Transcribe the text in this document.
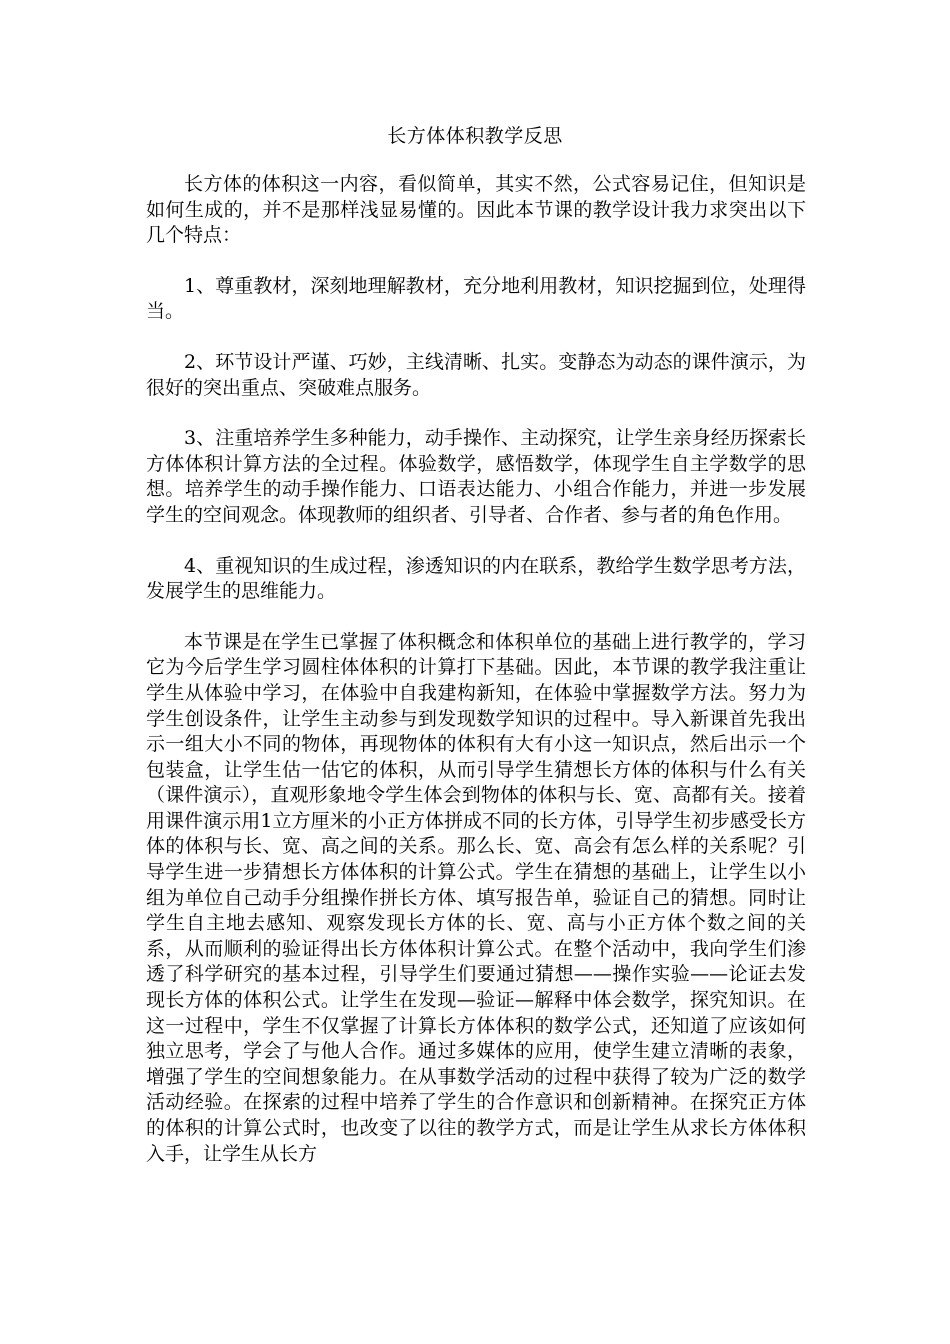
长方体体积教学反思

长方体的体积这一内容，看似简单，其实不然，公式容易记住，但知识是如何生成的，并不是那样浅显易懂的。因此本节课的教学设计我力求突出以下几个特点：

1、尊重教材，深刻地理解教材，充分地利用教材，知识挖掘到位，处理得当。

2、环节设计严谨、巧妙，主线清晰、扎实。变静态为动态的课件演示，为很好的突出重点、突破难点服务。

3、注重培养学生多种能力，动手操作、主动探究，让学生亲身经历探索长方体体积计算方法的全过程。体验数学，感悟数学，体现学生自主学数学的思想。培养学生的动手操作能力、口语表达能力、小组合作能力，并进一步发展学生的空间观念。体现教师的组织者、引导者、合作者、参与者的角色作用。

4、重视知识的生成过程，渗透知识的内在联系，教给学生数学思考方法，发展学生的思维能力。

本节课是在学生已掌握了体积概念和体积单位的基础上进行教学的，学习它为今后学生学习圆柱体体积的计算打下基础。因此，本节课的教学我注重让学生从体验中学习，在体验中自我建构新知，在体验中掌握数学方法。努力为学生创设条件，让学生主动参与到发现数学知识的过程中。导入新课首先我出示一组大小不同的物体，再现物体的体积有大有小这一知识点，然后出示一个包装盒，让学生估一估它的体积，从而引导学生猜想长方体的体积与什么有关（课件演示），直观形象地令学生体会到物体的体积与长、宽、高都有关。接着用课件演示用1立方厘米的小正方体拼成不同的长方体，引导学生初步感受长方体的体积与长、宽、高之间的关系。那么长、宽、高会有怎么样的关系呢？引导学生进一步猜想长方体体积的计算公式。学生在猜想的基础上，让学生以小组为单位自己动手分组操作拼长方体、填写报告单，验证自己的猜想。同时让学生自主地去感知、观察发现长方体的长、宽、高与小正方体个数之间的关系，从而顺利的验证得出长方体体积计算公式。在整个活动中，我向学生们渗透了科学研究的基本过程，引导学生们要通过猜想——操作实验——论证去发现长方体的体积公式。让学生在发现—验证—解释中体会数学，探究知识。在这一过程中，学生不仅掌握了计算长方体体积的数学公式，还知道了应该如何独立思考，学会了与他人合作。通过多媒体的应用，使学生建立清晰的表象，增强了学生的空间想象能力。在从事数学活动的过程中获得了较为广泛的数学活动经验。在探索的过程中培养了学生的合作意识和创新精神。在探究正方体的体积的计算公式时，也改变了以往的教学方式，而是让学生从求长方体体积入手，让学生从长方
